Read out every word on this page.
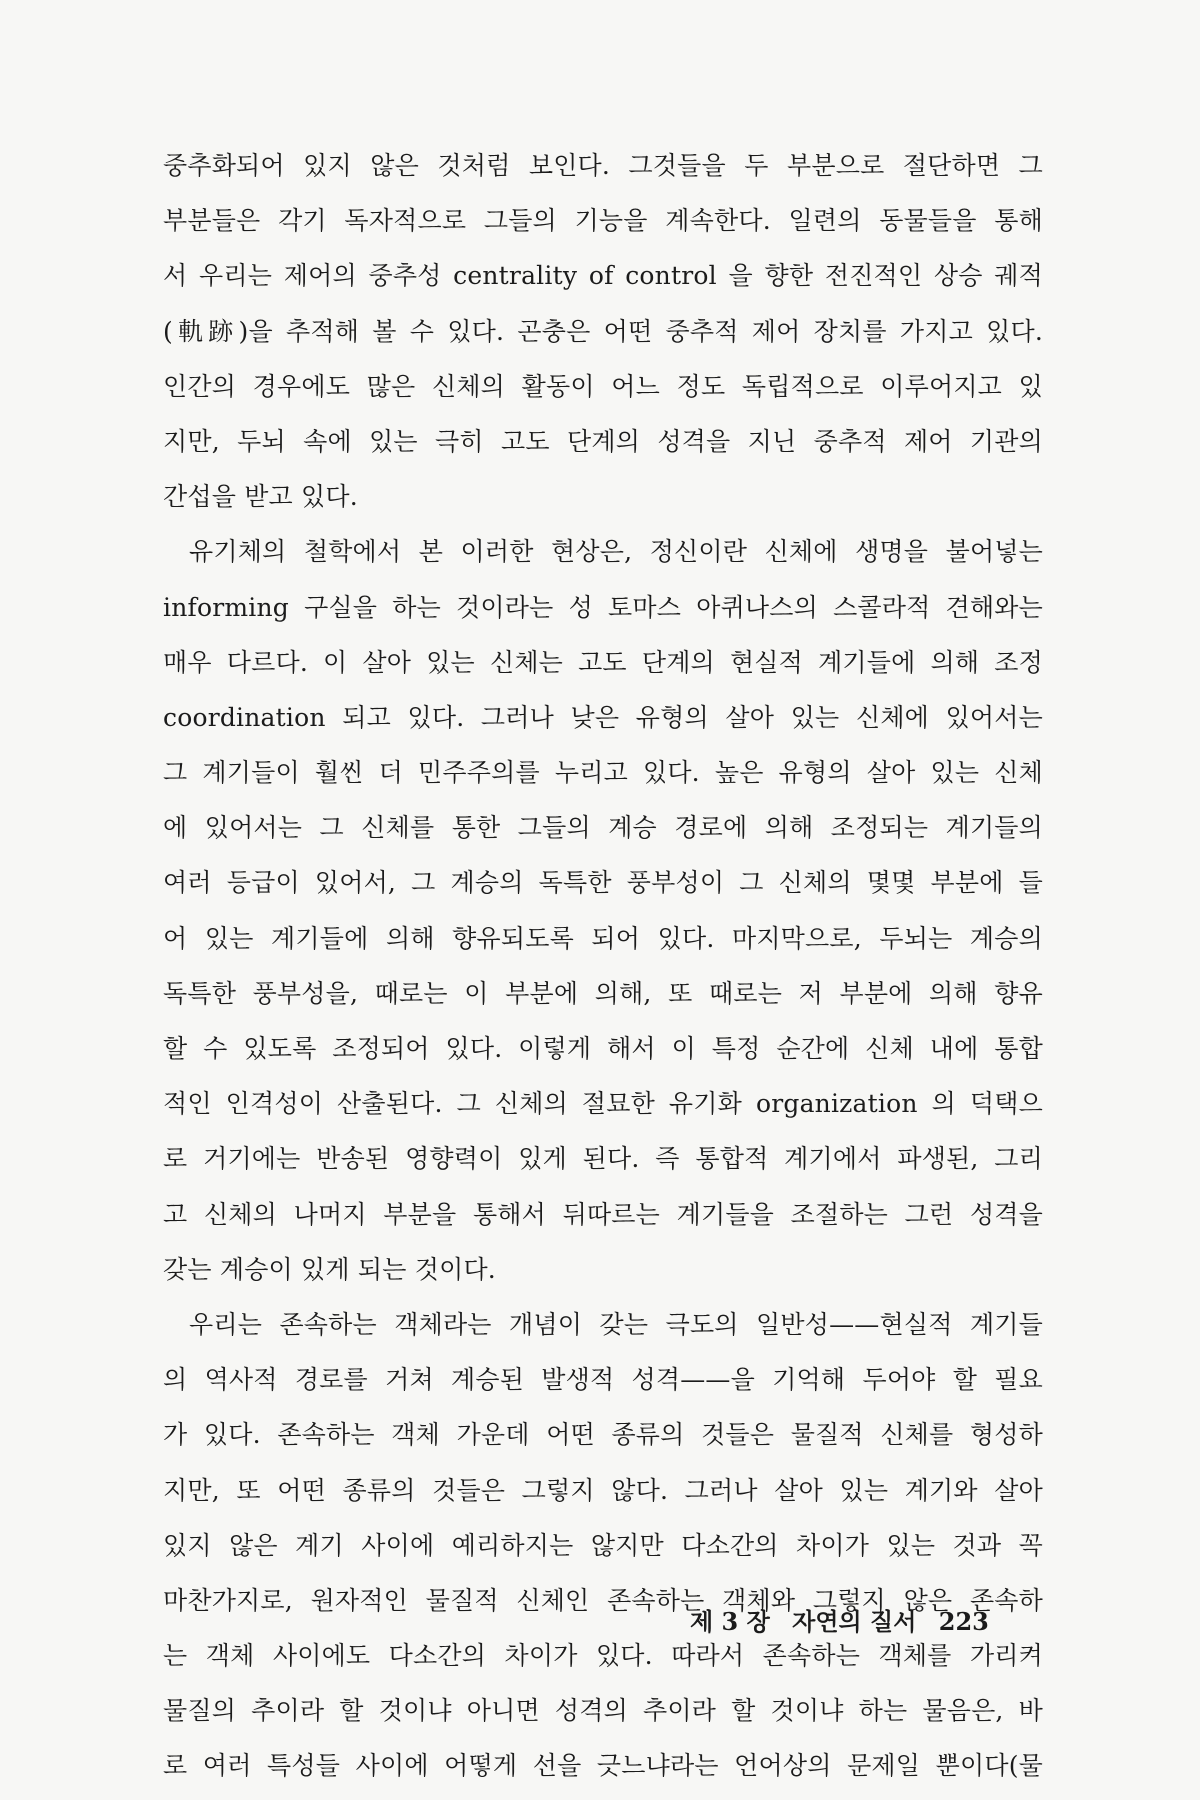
중추화되어 있지 않은 것처럼 보인다. 그것들을 두 부분으로 절단하면 그
부분들은 각기 독자적으로 그들의 기능을 계속한다. 일련의 동물들을 통해
서 우리는 제어의 중추성 centrality of control 을 향한 전진적인 상승 궤적
(軌跡)을 추적해 볼 수 있다. 곤충은 어떤 중추적 제어 장치를 가지고 있다.
인간의 경우에도 많은 신체의 활동이 어느 정도 독립적으로 이루어지고 있
지만, 두뇌 속에 있는 극히 고도 단계의 성격을 지닌 중추적 제어 기관의
간섭을 받고 있다.
유기체의 철학에서 본 이러한 현상은, 정신이란 신체에 생명을 불어넣는
informing 구실을 하는 것이라는 성 토마스 아퀴나스의 스콜라적 견해와는
매우 다르다. 이 살아 있는 신체는 고도 단계의 현실적 계기들에 의해 조정
coordination 되고 있다. 그러나 낮은 유형의 살아 있는 신체에 있어서는
그 계기들이 훨씬 더 민주주의를 누리고 있다. 높은 유형의 살아 있는 신체
에 있어서는 그 신체를 통한 그들의 계승 경로에 의해 조정되는 계기들의
여러 등급이 있어서, 그 계승의 독특한 풍부성이 그 신체의 몇몇 부분에 들
어 있는 계기들에 의해 향유되도록 되어 있다. 마지막으로, 두뇌는 계승의
독특한 풍부성을, 때로는 이 부분에 의해, 또 때로는 저 부분에 의해 향유
할 수 있도록 조정되어 있다. 이렇게 해서 이 특정 순간에 신체 내에 통합
적인 인격성이 산출된다. 그 신체의 절묘한 유기화 organization 의 덕택으
로 거기에는 반송된 영향력이 있게 된다. 즉 통합적 계기에서 파생된, 그리
고 신체의 나머지 부분을 통해서 뒤따르는 계기들을 조절하는 그런 성격을
갖는 계승이 있게 되는 것이다.
우리는 존속하는 객체라는 개념이 갖는 극도의 일반성——현실적 계기들
의 역사적 경로를 거쳐 계승된 발생적 성격——을 기억해 두어야 할 필요
가 있다. 존속하는 객체 가운데 어떤 종류의 것들은 물질적 신체를 형성하
지만, 또 어떤 종류의 것들은 그렇지 않다. 그러나 살아 있는 계기와 살아
있지 않은 계기 사이에 예리하지는 않지만 다소간의 차이가 있는 것과 꼭
마찬가지로, 원자적인 물질적 신체인 존속하는 객체와 그렇지 않은 존속하
는 객체 사이에도 다소간의 차이가 있다. 따라서 존속하는 객체를 가리켜
물질의 추이라 할 것이냐 아니면 성격의 추이라 할 것이냐 하는 물음은, 바
로 여러 특성들 사이에 어떻게 선을 긋느냐라는 언어상의 문제일 뿐이다(물
제 3 장 자연의 질서 223
